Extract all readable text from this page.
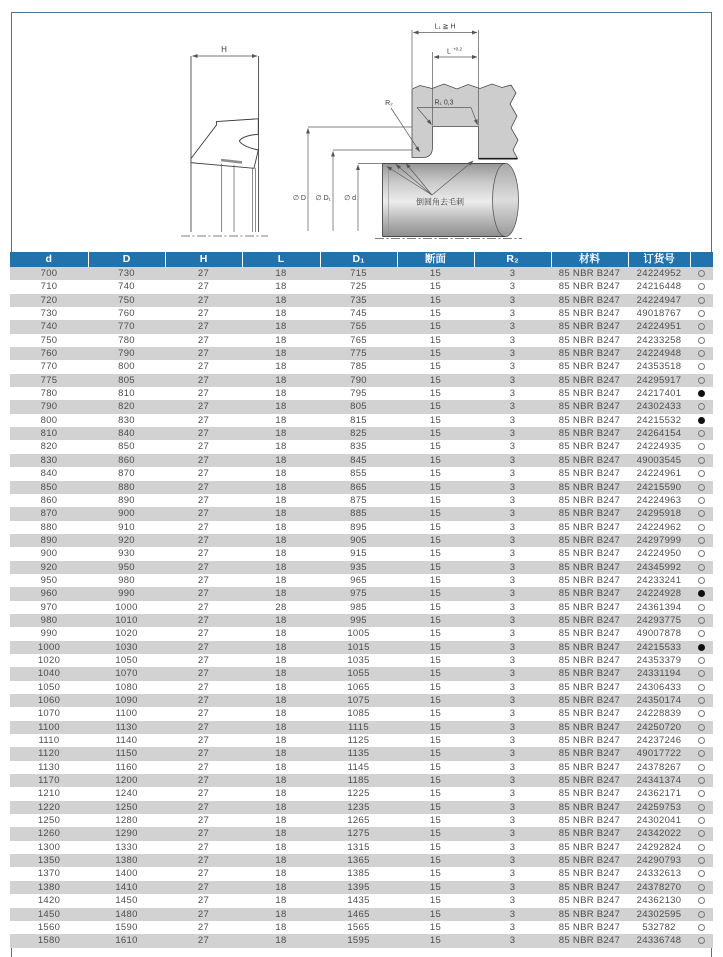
H
L₁ ≧ H
L +0.2
R₁ 0,3
R₂
∅ D ∅ D₁ ∅ d	倒圆角去毛刺
d	D	H	L	D₁	断面	R₂	材料	订货号	
700	730	27	18	715	15	3	85 NBR B247	24224952	
710	740	27	18	725	15	3	85 NBR B247	24216448	
720	750	27	18	735	15	3	85 NBR B247	24224947	
730	760	27	18	745	15	3	85 NBR B247	49018767	
740	770	27	18	755	15	3	85 NBR B247	24224951	
750	780	27	18	765	15	3	85 NBR B247	24233258	
760	790	27	18	775	15	3	85 NBR B247	24224948	
770	800	27	18	785	15	3	85 NBR B247	24353518	
775	805	27	18	790	15	3	85 NBR B247	24295917	
780	810	27	18	795	15	3	85 NBR B247	24217401	
790	820	27	18	805	15	3	85 NBR B247	24302433	
800	830	27	18	815	15	3	85 NBR B247	24215532	
810	840	27	18	825	15	3	85 NBR B247	24264154	
820	850	27	18	835	15	3	85 NBR B247	24224935	
830	860	27	18	845	15	3	85 NBR B247	49003545	
840	870	27	18	855	15	3	85 NBR B247	24224961	
850	880	27	18	865	15	3	85 NBR B247	24215590	
860	890	27	18	875	15	3	85 NBR B247	24224963	
870	900	27	18	885	15	3	85 NBR B247	24295918	
880	910	27	18	895	15	3	85 NBR B247	24224962	
890	920	27	18	905	15	3	85 NBR B247	24297999	
900	930	27	18	915	15	3	85 NBR B247	24224950	
920	950	27	18	935	15	3	85 NBR B247	24345992	
950	980	27	18	965	15	3	85 NBR B247	24233241	
960	990	27	18	975	15	3	85 NBR B247	24224928	
970	1000	27	28	985	15	3	85 NBR B247	24361394	
980	1010	27	18	995	15	3	85 NBR B247	24293775	
990	1020	27	18	1005	15	3	85 NBR B247	49007878	
1000	1030	27	18	1015	15	3	85 NBR B247	24215533	
1020	1050	27	18	1035	15	3	85 NBR B247	24353379	
1040	1070	27	18	1055	15	3	85 NBR B247	24331194	
1050	1080	27	18	1065	15	3	85 NBR B247	24306433	
1060	1090	27	18	1075	15	3	85 NBR B247	24350174	
1070	1100	27	18	1085	15	3	85 NBR B247	24228839	
1100	1130	27	18	1115	15	3	85 NBR B247	24250720	
1110	1140	27	18	1125	15	3	85 NBR B247	24237246	
1120	1150	27	18	1135	15	3	85 NBR B247	49017722	
1130	1160	27	18	1145	15	3	85 NBR B247	24378267	
1170	1200	27	18	1185	15	3	85 NBR B247	24341374	
1210	1240	27	18	1225	15	3	85 NBR B247	24362171	
1220	1250	27	18	1235	15	3	85 NBR B247	24259753	
1250	1280	27	18	1265	15	3	85 NBR B247	24302041	
1260	1290	27	18	1275	15	3	85 NBR B247	24342022	
1300	1330	27	18	1315	15	3	85 NBR B247	24292824	
1350	1380	27	18	1365	15	3	85 NBR B247	24290793	
1370	1400	27	18	1385	15	3	85 NBR B247	24332613	
1380	1410	27	18	1395	15	3	85 NBR B247	24378270	
1420	1450	27	18	1435	15	3	85 NBR B247	24362130	
1450	1480	27	18	1465	15	3	85 NBR B247	24302595	
1560	1590	27	18	1565	15	3	85 NBR B247	532782	
1580	1610	27	18	1595	15	3	85 NBR B247	24336748	
